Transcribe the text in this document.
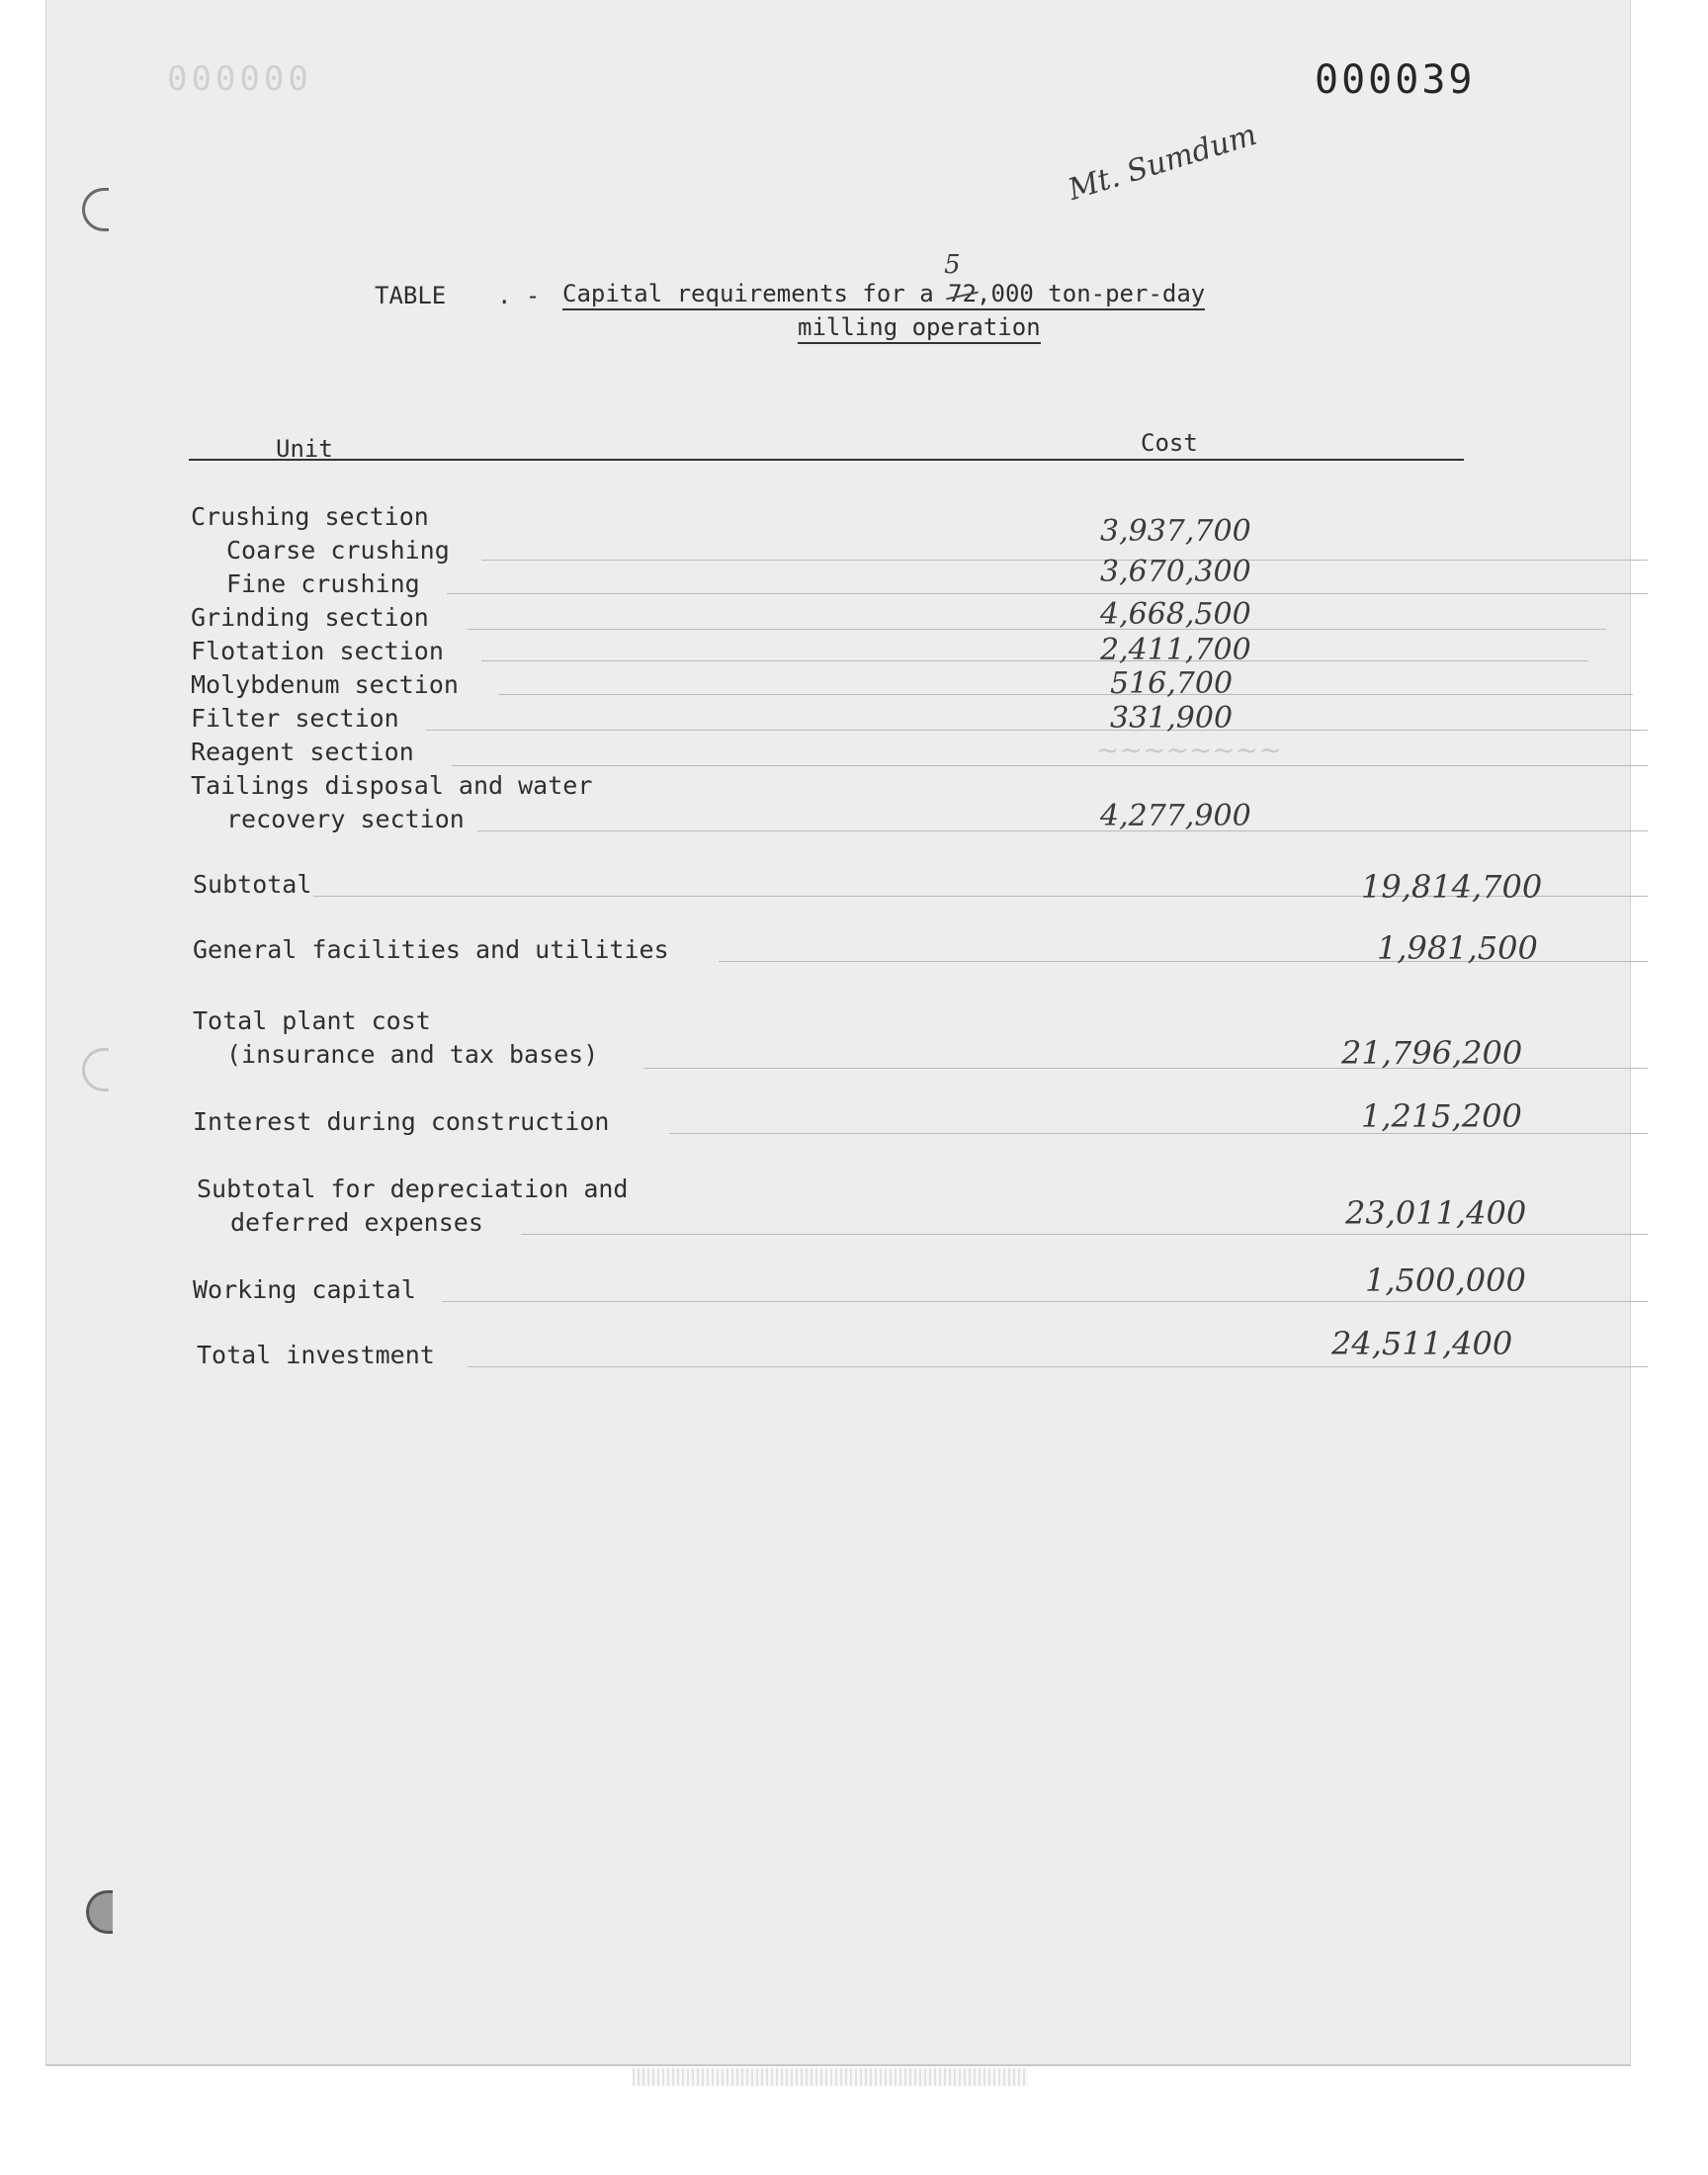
000000	000039
Mt. Sumdum
TABLE . - Capital requirements for a
5
72,000 ton-per-day
milling operation
Unit	Cost
Crushing section
Coarse crushing
3,937,700
Fine crushing	3,670,300
Grinding section	4,668,500
Flotation section	2,411,700
Molybdenum section	516,700
Filter section	331,900
Reagent section	~~~~~~~~
Tailings disposal and water
recovery section	4,277,900
Subtotal	19,814,700
General facilities and utilities	1,981,500
Total plant cost
(insurance and tax bases)	21,796,200
Interest during construction	1,215,200
Subtotal for depreciation and
deferred expenses	23,011,400
Working capital	1,500,000
Total investment	24,511,400
